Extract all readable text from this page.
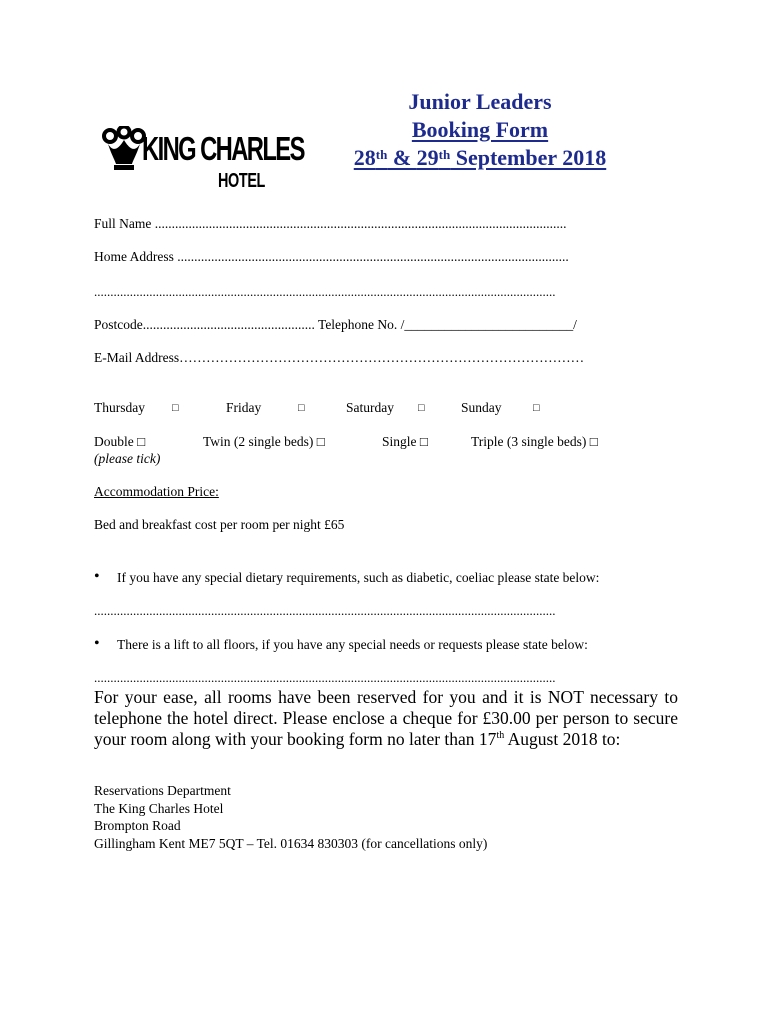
KING CHARLES
HOTEL
Junior Leaders
Booking Form
28th & 29th September 2018
Full Name ..........................................................................................................................
Home Address ....................................................................................................................
..............................................................................................................................................
Postcode................................................... Telephone No. /_________________________/
E-Mail Address………………………………………………………………………………
Thursday □	Friday	□	Saturday □	Sunday	□
Double □	Twin (2 single beds) □	Single □	Triple (3 single beds) □
(please tick)
Accommodation Price:
Bed and breakfast cost per room per night £65
• If you have any special dietary requirements, such as diabetic, coeliac please state below:
..............................................................................................................................................
• There is a lift to all floors, if you have any special needs or requests please state below:
..............................................................................................................................................
For your ease, all rooms have been reserved for you and it is NOT necessary to telephone the hotel direct. Please enclose a cheque for £30.00 per person to secure your room along with your booking form no later than 17th August 2018 to:
Reservations Department
The King Charles Hotel
Brompton Road
Gillingham Kent ME7 5QT – Tel. 01634 830303 (for cancellations only)
